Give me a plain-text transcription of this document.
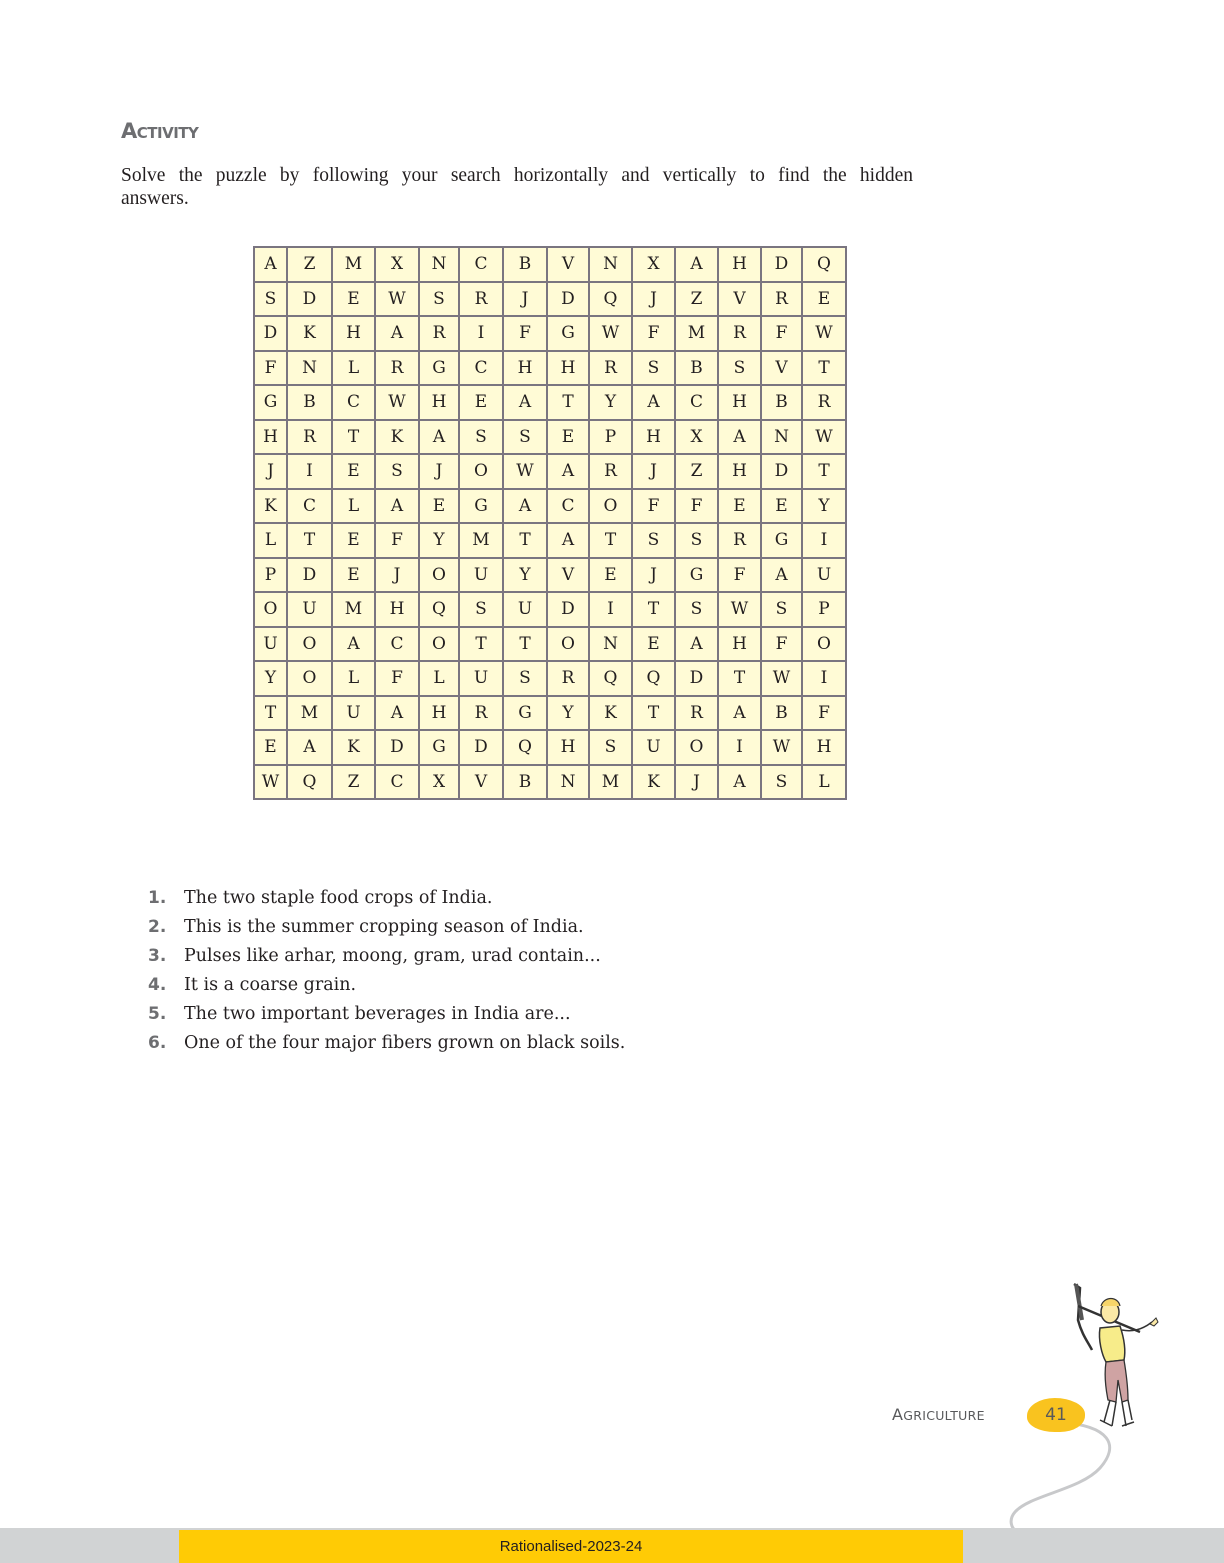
ACTIVITY
Solve the puzzle by following your search horizontally and vertically to find the hidden answers.
A	Z	M	X	N	C	B	V	N	X	A	H	D	Q
S	D	E	W	S	R	J	D	Q	J	Z	V	R	E
D	K	H	A	R	I	F	G	W	F	M	R	F	W
F	N	L	R	G	C	H	H	R	S	B	S	V	T
G	B	C	W	H	E	A	T	Y	A	C	H	B	R
H	R	T	K	A	S	S	E	P	H	X	A	N	W
J	I	E	S	J	O	W	A	R	J	Z	H	D	T
K	C	L	A	E	G	A	C	O	F	F	E	E	Y
L	T	E	F	Y	M	T	A	T	S	S	R	G	I
P	D	E	J	O	U	Y	V	E	J	G	F	A	U
O	U	M	H	Q	S	U	D	I	T	S	W	S	P
U	O	A	C	O	T	T	O	N	E	A	H	F	O
Y	O	L	F	L	U	S	R	Q	Q	D	T	W	I
T	M	U	A	H	R	G	Y	K	T	R	A	B	F
E	A	K	D	G	D	Q	H	S	U	O	I	W	H
W	Q	Z	C	X	V	B	N	M	K	J	A	S	L
1.	The two staple food crops of India.
2.	This is the summer cropping season of India.
3.	Pulses like arhar, moong, gram, urad contain...
4.	It is a coarse grain.
5.	The two important beverages in India are...
6.	One of the four major fibers grown on black soils.
AGRICULTURE	41
Rationalised-2023-24
